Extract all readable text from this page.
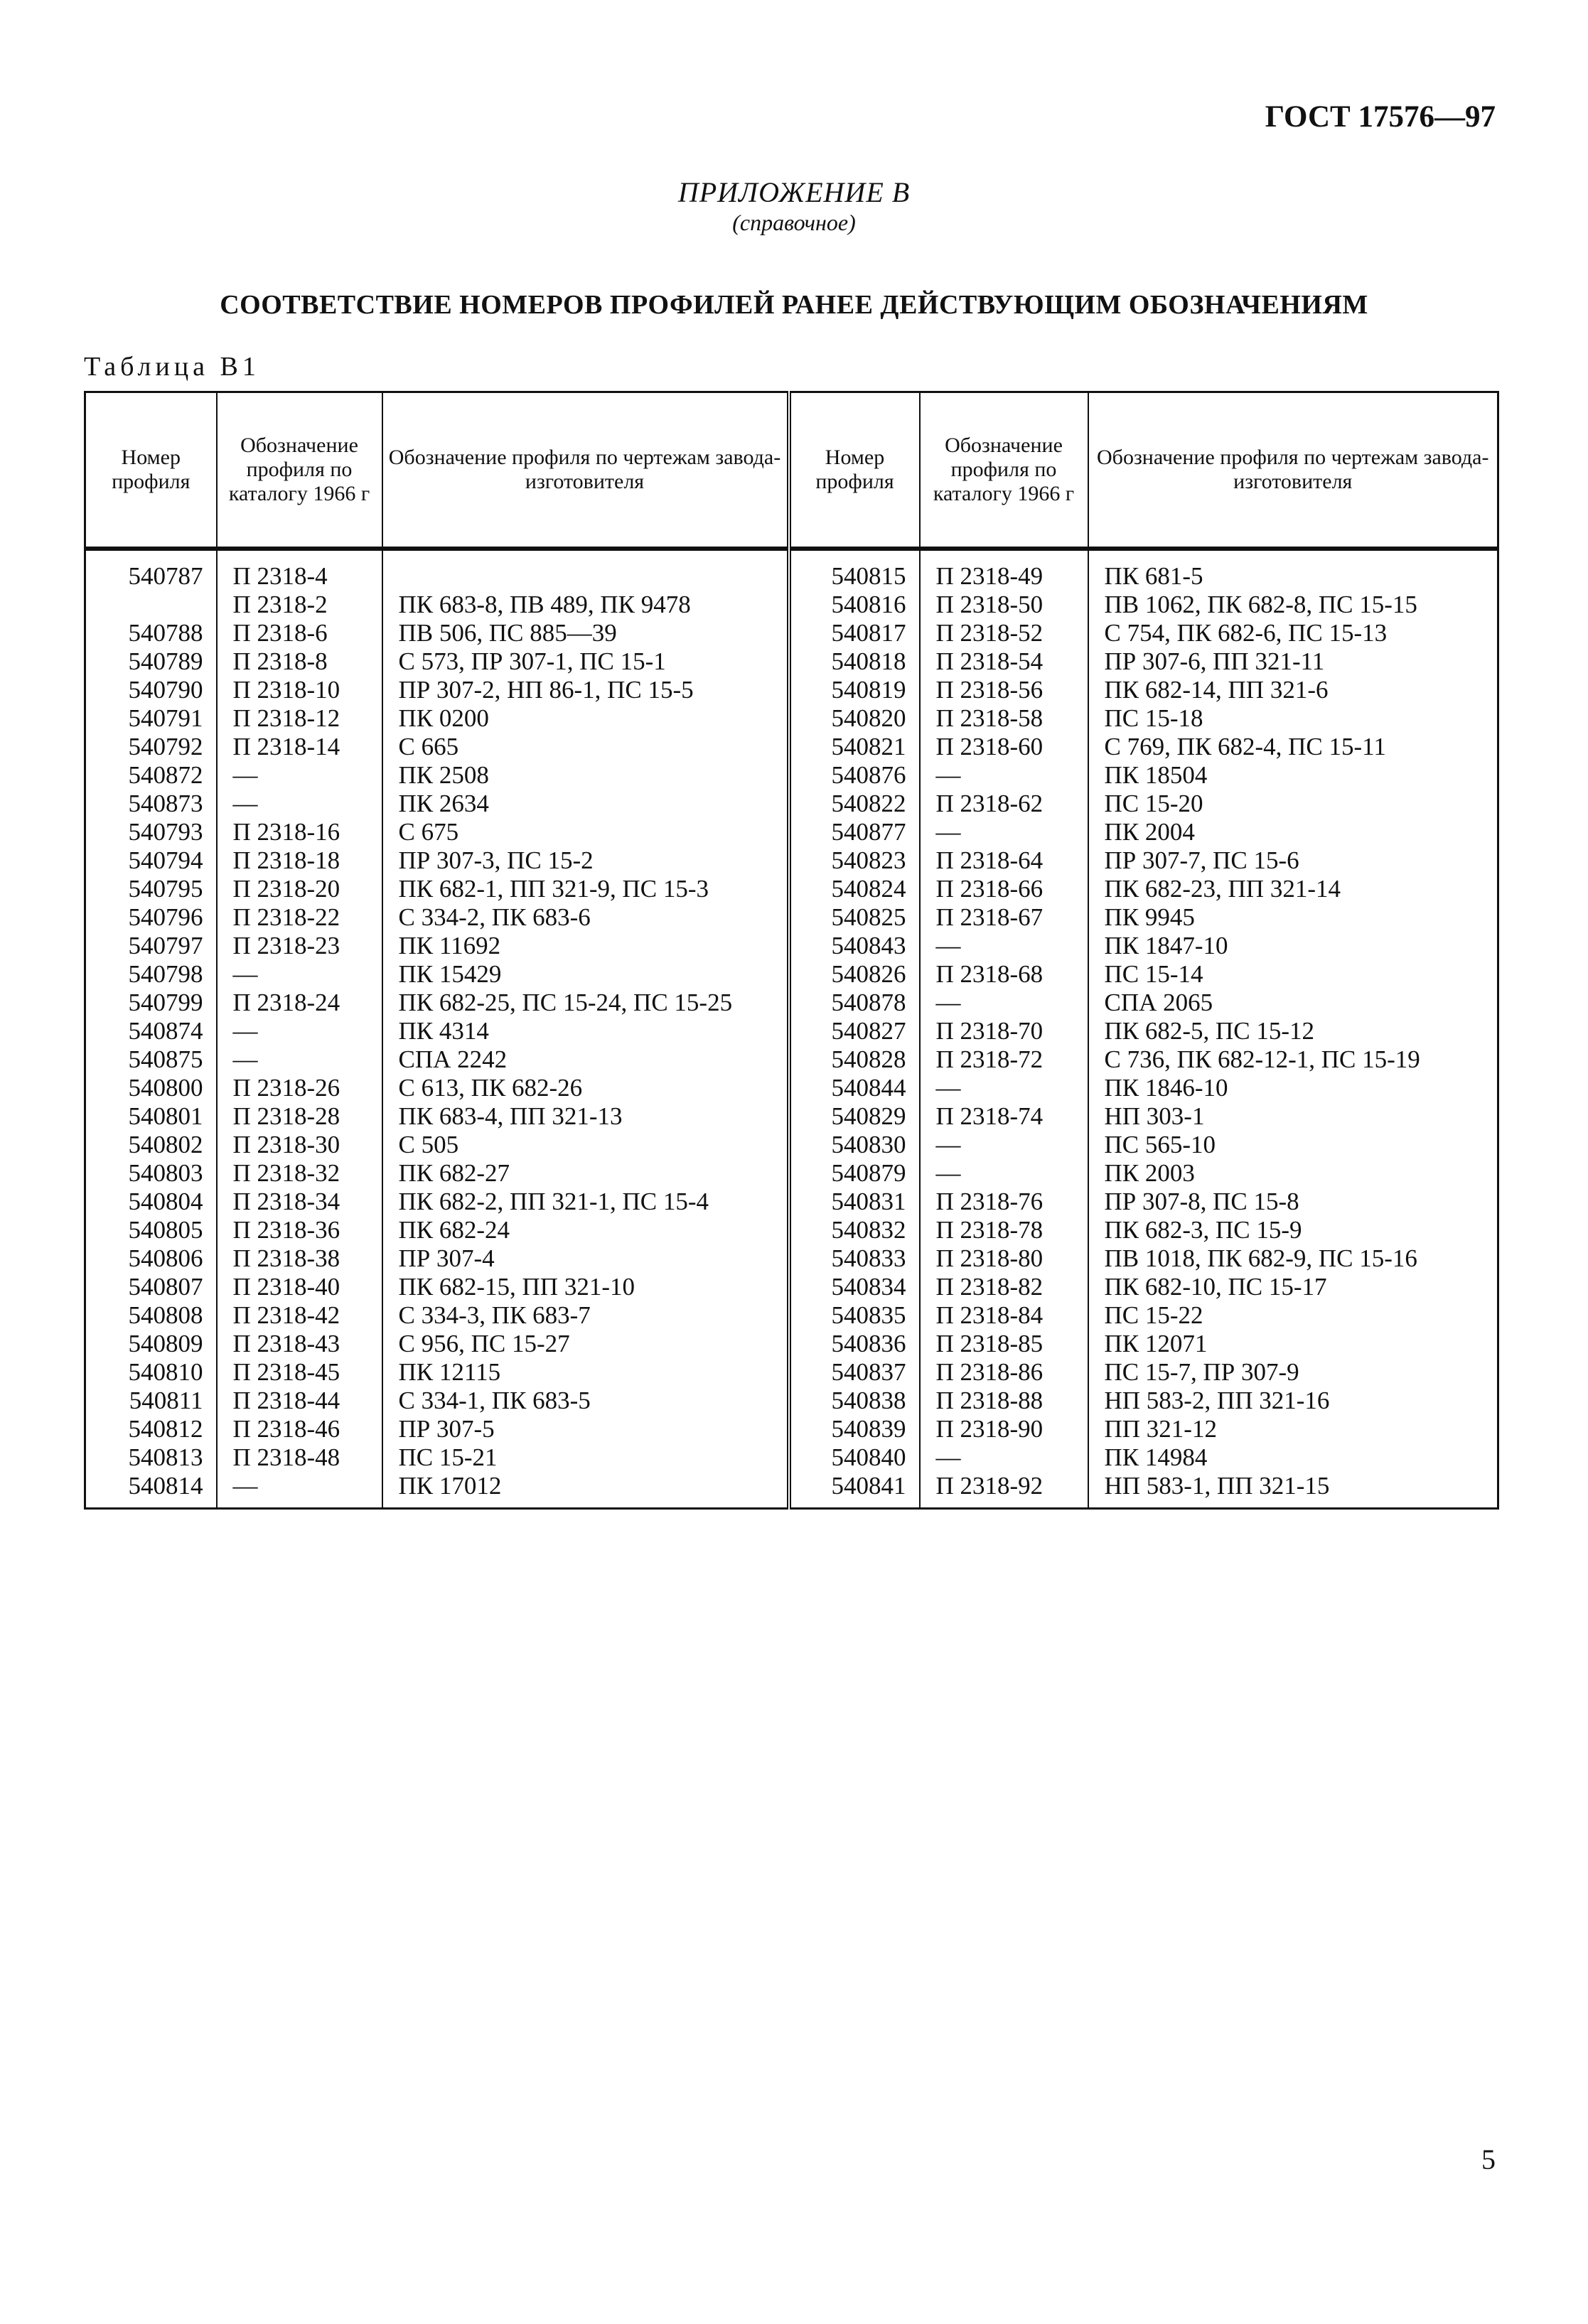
ГОСТ 17576—97
ПРИЛОЖЕНИЕ В
(справочное)
СООТВЕТСТВИЕ НОМЕРОВ ПРОФИЛЕЙ РАНЕЕ ДЕЙСТВУЮЩИМ ОБОЗНАЧЕНИЯМ
Таблица В1
Номер профиля	Обозначение профиля по каталогу 1966 г	Обозначение профиля по чертежам завода-изготовителя	Номер профиля	Обозначение профиля по каталогу 1966 г	Обозначение профиля по чертежам завода-изготовителя
540787	П 2318-4		540815	П 2318-49	ПК 681-5
	П 2318-2	ПК 683-8, ПВ 489, ПК 9478	540816	П 2318-50	ПВ 1062, ПК 682-8, ПС 15-15
540788	П 2318-6	ПВ 506, ПС 885—39	540817	П 2318-52	С 754, ПК 682-6, ПС 15-13
540789	П 2318-8	С 573, ПР 307-1, ПС 15-1	540818	П 2318-54	ПР 307-6, ПП 321-11
540790	П 2318-10	ПР 307-2, НП 86-1, ПС 15-5	540819	П 2318-56	ПК 682-14, ПП 321-6
540791	П 2318-12	ПК 0200	540820	П 2318-58	ПС 15-18
540792	П 2318-14	С 665	540821	П 2318-60	С 769, ПК 682-4, ПС 15-11
540872	—	ПК 2508	540876	—	ПК 18504
540873	—	ПК 2634	540822	П 2318-62	ПС 15-20
540793	П 2318-16	С 675	540877	—	ПК 2004
540794	П 2318-18	ПР 307-3, ПС 15-2	540823	П 2318-64	ПР 307-7, ПС 15-6
540795	П 2318-20	ПК 682-1, ПП 321-9, ПС 15-3	540824	П 2318-66	ПК 682-23, ПП 321-14
540796	П 2318-22	С 334-2, ПК 683-6	540825	П 2318-67	ПК 9945
540797	П 2318-23	ПК 11692	540843	—	ПК 1847-10
540798	—	ПК 15429	540826	П 2318-68	ПС 15-14
540799	П 2318-24	ПК 682-25, ПС 15-24, ПС 15-25	540878	—	СПА 2065
540874	—	ПК 4314	540827	П 2318-70	ПК 682-5, ПС 15-12
540875	—	СПА 2242	540828	П 2318-72	С 736, ПК 682-12-1, ПС 15-19
540800	П 2318-26	С 613, ПК 682-26	540844	—	ПК 1846-10
540801	П 2318-28	ПК 683-4, ПП 321-13	540829	П 2318-74	НП 303-1
540802	П 2318-30	С 505	540830	—	ПС 565-10
540803	П 2318-32	ПК 682-27	540879	—	ПК 2003
540804	П 2318-34	ПК 682-2, ПП 321-1, ПС 15-4	540831	П 2318-76	ПР 307-8, ПС 15-8
540805	П 2318-36	ПК 682-24	540832	П 2318-78	ПК 682-3, ПС 15-9
540806	П 2318-38	ПР 307-4	540833	П 2318-80	ПВ 1018, ПК 682-9, ПС 15-16
540807	П 2318-40	ПК 682-15, ПП 321-10	540834	П 2318-82	ПК 682-10, ПС 15-17
540808	П 2318-42	С 334-3, ПК 683-7	540835	П 2318-84	ПС 15-22
540809	П 2318-43	С 956, ПС 15-27	540836	П 2318-85	ПК 12071
540810	П 2318-45	ПК 12115	540837	П 2318-86	ПС 15-7, ПР 307-9
540811	П 2318-44	С 334-1, ПК 683-5	540838	П 2318-88	НП 583-2, ПП 321-16
540812	П 2318-46	ПР 307-5	540839	П 2318-90	ПП 321-12
540813	П 2318-48	ПС 15-21	540840	—	ПК 14984
540814	—	ПК 17012	540841	П 2318-92	НП 583-1, ПП 321-15
5
